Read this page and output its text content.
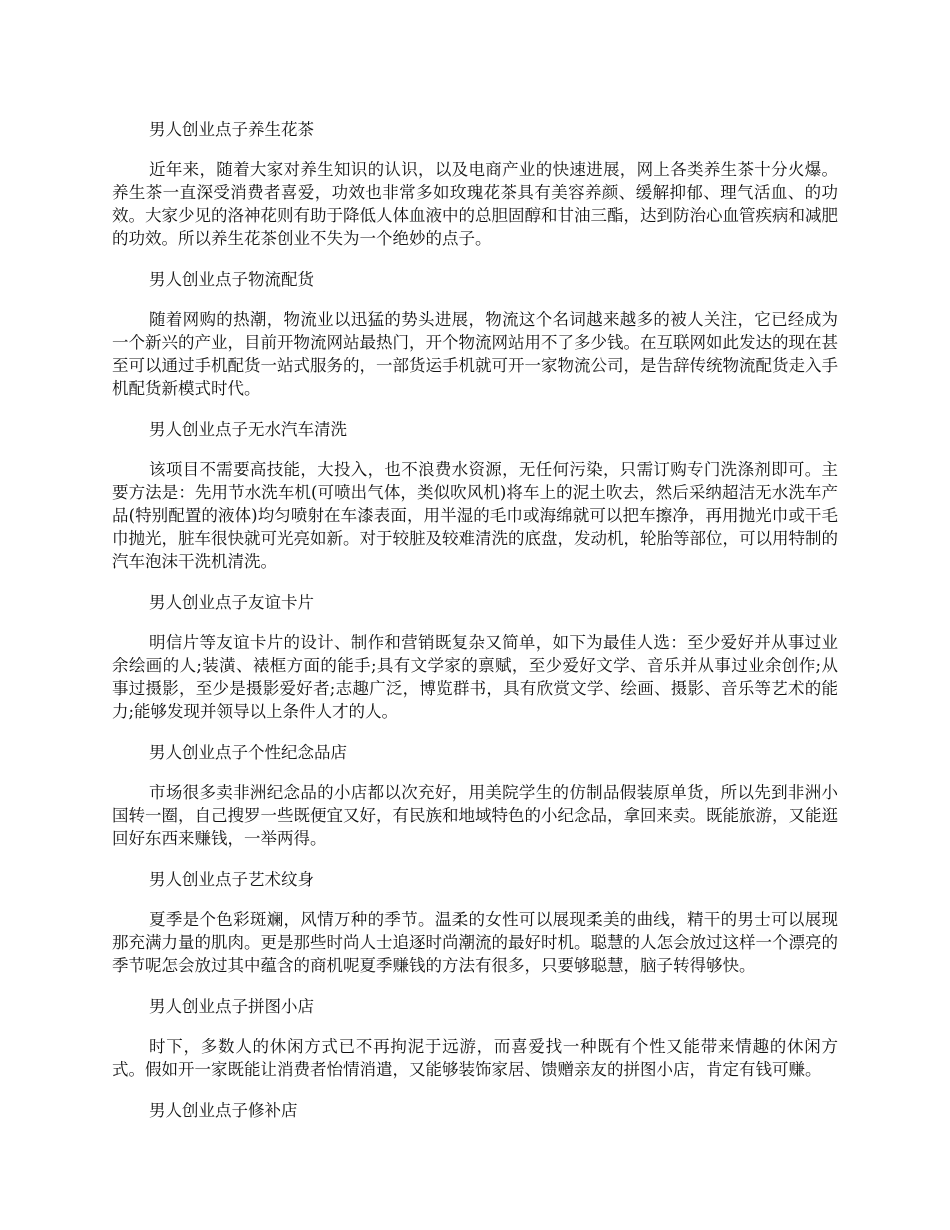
男人创业点子养生花茶

近年来，随着大家对养生知识的认识，以及电商产业的快速进展，网上各类养生茶十分火爆。养生茶一直深受消费者喜爱，功效也非常多如玫瑰花茶具有美容养颜、缓解抑郁、理气活血、的功效。大家少见的洛神花则有助于降低人体血液中的总胆固醇和甘油三酯，达到防治心血管疾病和减肥的功效。所以养生花茶创业不失为一个绝妙的点子。

男人创业点子物流配货

随着网购的热潮，物流业以迅猛的势头进展，物流这个名词越来越多的被人关注，它已经成为一个新兴的产业，目前开物流网站最热门，开个物流网站用不了多少钱。在互联网如此发达的现在甚至可以通过手机配货一站式服务的，一部货运手机就可开一家物流公司，是告辞传统物流配货走入手机配货新模式时代。

男人创业点子无水汽车清洗

该项目不需要高技能，大投入，也不浪费水资源，无任何污染，只需订购专门洗涤剂即可。主要方法是：先用节水洗车机(可喷出气体，类似吹风机)将车上的泥土吹去，然后采纳超洁无水洗车产品(特别配置的液体)均匀喷射在车漆表面，用半湿的毛巾或海绵就可以把车擦净，再用抛光巾或干毛巾抛光，脏车很快就可光亮如新。对于较脏及较难清洗的底盘，发动机，轮胎等部位，可以用特制的汽车泡沫干洗机清洗。

男人创业点子友谊卡片

明信片等友谊卡片的设计、制作和营销既复杂又简单，如下为最佳人选：至少爱好并从事过业余绘画的人;装潢、裱框方面的能手;具有文学家的禀赋，至少爱好文学、音乐并从事过业余创作;从事过摄影，至少是摄影爱好者;志趣广泛，博览群书，具有欣赏文学、绘画、摄影、音乐等艺术的能力;能够发现并领导以上条件人才的人。

男人创业点子个性纪念品店

市场很多卖非洲纪念品的小店都以次充好，用美院学生的仿制品假装原单货，所以先到非洲小国转一圈，自己搜罗一些既便宜又好，有民族和地域特色的小纪念品，拿回来卖。既能旅游，又能逛回好东西来赚钱，一举两得。

男人创业点子艺术纹身

夏季是个色彩斑斓，风情万种的季节。温柔的女性可以展现柔美的曲线，精干的男士可以展现那充满力量的肌肉。更是那些时尚人士追逐时尚潮流的最好时机。聪慧的人怎会放过这样一个漂亮的季节呢怎会放过其中蕴含的商机呢夏季赚钱的方法有很多，只要够聪慧，脑子转得够快。

男人创业点子拼图小店

时下，多数人的休闲方式已不再拘泥于远游，而喜爱找一种既有个性又能带来情趣的休闲方式。假如开一家既能让消费者怡情消遣，又能够装饰家居、馈赠亲友的拼图小店，肯定有钱可赚。

男人创业点子修补店
